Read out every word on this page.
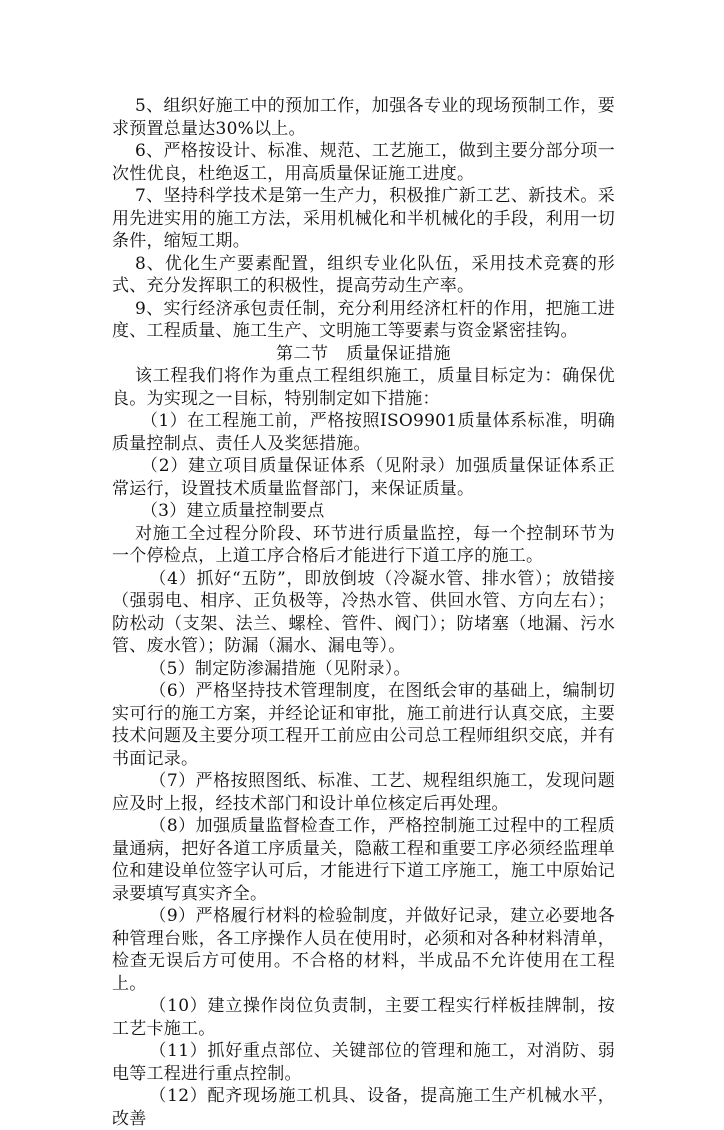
5、组织好施工中的预加工作，加强各专业的现场预制工作，要求预置总量达30%以上。

6、严格按设计、标准、规范、工艺施工，做到主要分部分项一次性优良，杜绝返工，用高质量保证施工进度。

7、坚持科学技术是第一生产力，积极推广新工艺、新技术。采用先进实用的施工方法，采用机械化和半机械化的手段，利用一切条件，缩短工期。

8、优化生产要素配置，组织专业化队伍，采用技术竞赛的形式、充分发挥职工的积极性，提高劳动生产率。

9、实行经济承包责任制，充分利用经济杠杆的作用，把施工进度、工程质量、施工生产、文明施工等要素与资金紧密挂钩。

第二节　质量保证措施

该工程我们将作为重点工程组织施工，质量目标定为：确保优良。为实现之一目标，特别制定如下措施：

（1）在工程施工前，严格按照ISO9901质量体系标准，明确质量控制点、责任人及奖惩措施。

（2）建立项目质量保证体系（见附录）加强质量保证体系正常运行，设置技术质量监督部门，来保证质量。

（3）建立质量控制要点

对施工全过程分阶段、环节进行质量监控，每一个控制环节为一个停检点，上道工序合格后才能进行下道工序的施工。

（4）抓好“五防”，即放倒坡（冷凝水管、排水管）；放错接（强弱电、相序、正负极等，冷热水管、供回水管、方向左右）；防松动（支架、法兰、螺栓、管件、阀门）；防堵塞（地漏、污水管、废水管）；防漏（漏水、漏电等）。

（5）制定防渗漏措施（见附录）。

（6）严格坚持技术管理制度，在图纸会审的基础上，编制切实可行的施工方案，并经论证和审批，施工前进行认真交底，主要技术问题及主要分项工程开工前应由公司总工程师组织交底，并有书面记录。

（7）严格按照图纸、标准、工艺、规程组织施工，发现问题应及时上报，经技术部门和设计单位核定后再处理。

（8）加强质量监督检查工作，严格控制施工过程中的工程质量通病，把好各道工序质量关，隐蔽工程和重要工序必须经监理单位和建设单位签字认可后，才能进行下道工序施工，施工中原始记录要填写真实齐全。

（9）严格履行材料的检验制度，并做好记录，建立必要地各种管理台账，各工序操作人员在使用时，必须和对各种材料清单，检查无误后方可使用。不合格的材料，半成品不允许使用在工程上。

（10）建立操作岗位负责制，主要工程实行样板挂牌制，按工艺卡施工。

（11）抓好重点部位、关键部位的管理和施工，对消防、弱电等工程进行重点控制。

（12）配齐现场施工机具、设备，提高施工生产机械水平，改善
